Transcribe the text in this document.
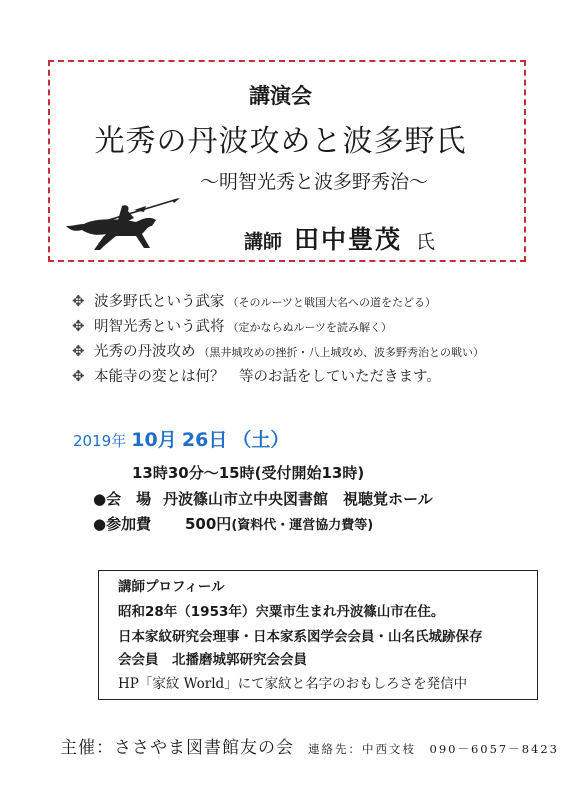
講演会
光秀の丹波攻めと波多野氏
～明智光秀と波多野秀治～
講師 田中豊茂 氏
✥ 波多野氏という武家 （そのルーツと戦国大名への道をたどる）
✥ 明智光秀という武将 （定かならぬルーツを読み解く）
✥ 光秀の丹波攻め （黒井城攻めの挫折・八上城攻め、波多野秀治との戦い）
✥ 本能寺の変とは何？　等のお話をしていただきます。
2019年 10月 26日 （土）
13時30分～15時(受付開始13時)
●会　場 丹波篠山市立中央図書館　視聴覚ホール
●参加費 500円(資料代・運営協力費等)
講師プロフィール
昭和28年（1953年）宍粟市生まれ丹波篠山市在住。
日本家紋研究会理事・日本家系図学会会員・山名氏城跡保存
会会員　北播磨城郭研究会会員
HP「家紋 World」にて家紋と名字のおもしろさを発信中
主催：ささやま図書館友の会 連絡先：中西文枝　090－6057－8423
